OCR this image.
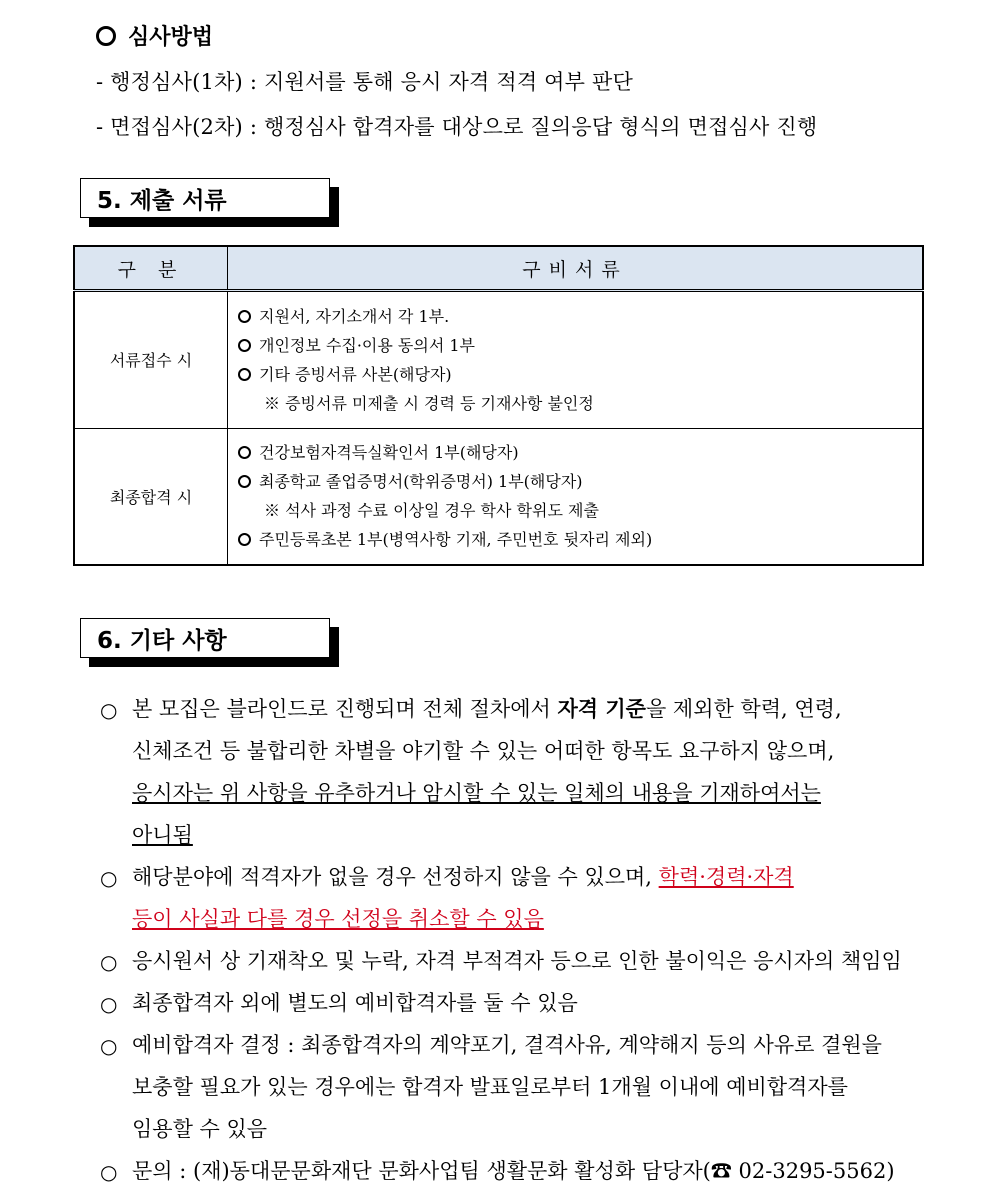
심사방법
- 행정심사(1차) : 지원서를 통해 응시 자격 적격 여부 판단
- 면접심사(2차) : 행정심사 합격자를 대상으로 질의응답 형식의 면접심사 진행
5. 제출 서류
구 분	구비서류
서류접수 시	지원서, 자기소개서 각 1부.
개인정보 수집·이용 동의서 1부
기타 증빙서류 사본(해당자)
※ 증빙서류 미제출 시 경력 등 기재사항 불인정

최종합격 시	건강보험자격득실확인서 1부(해당자)
최종학교 졸업증명서(학위증명서) 1부(해당자)
※ 석사 과정 수료 이상일 경우 학사 학위도 제출
주민등록초본 1부(병역사항 기재, 주민번호 뒷자리 제외)
6. 기타 사항
○ 본 모집은 블라인드로 진행되며 전체 절차에서 자격 기준을 제외한 학력, 연령,
신체조건 등 불합리한 차별을 야기할 수 있는 어떠한 항목도 요구하지 않으며,
응시자는 위 사항을 유추하거나 암시할 수 있는 일체의 내용을 기재하여서는
아니됨
○ 해당분야에 적격자가 없을 경우 선정하지 않을 수 있으며, 학력·경력·자격
등이 사실과 다를 경우 선정을 취소할 수 있음
○ 응시원서 상 기재착오 및 누락, 자격 부적격자 등으로 인한 불이익은 응시자의 책임임
○ 최종합격자 외에 별도의 예비합격자를 둘 수 있음
○ 예비합격자 결정 : 최종합격자의 계약포기, 결격사유, 계약해지 등의 사유로 결원을
보충할 필요가 있는 경우에는 합격자 발표일로부터 1개월 이내에 예비합격자를
임용할 수 있음
○ 문의 : (재)동대문문화재단 문화사업팀 생활문화 활성화 담당자(☎ 02-3295-5562)
